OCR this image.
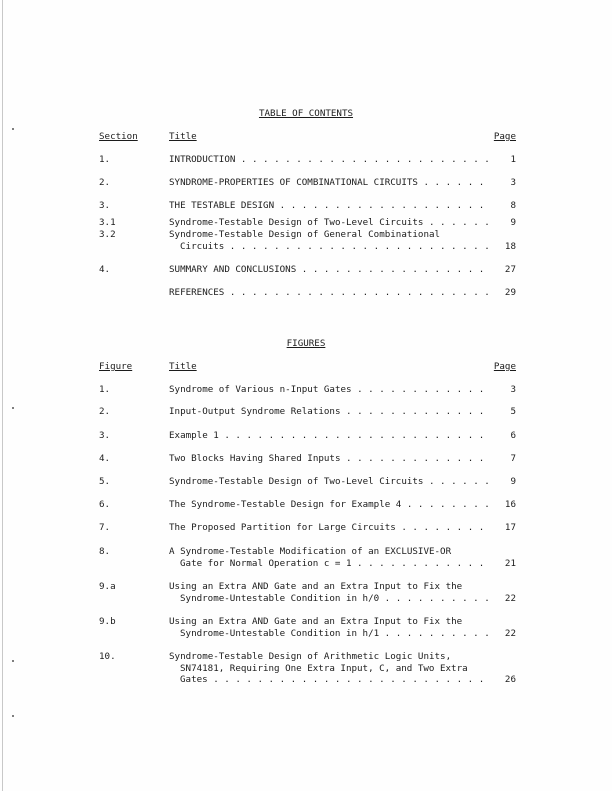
TABLE OF CONTENTS
Section	Title	Page
1.	INTRODUCTION . . .	1
2.	SYNDROME-PROPERTIES OF COMBINATIONAL CIRCUITS . . .	3
3.	THE TESTABLE DESIGN . . .	8
3.1	Syndrome-Testable Design of Two-Level Circuits . . .	9
3.2	Syndrome-Testable Design of General Combinational
Circuits . . .	18
4.	SUMMARY AND CONCLUSIONS . . .	27
REFERENCES . . .	29
FIGURES
Figure	Title	Page
1.	Syndrome of Various n-Input Gates . . .	3
2.	Input-Output Syndrome Relations . . .	5
3.	Example 1 . . .	6
4.	Two Blocks Having Shared Inputs . . .	7
5.	Syndrome-Testable Design of Two-Level Circuits . . .	9
6.	The Syndrome-Testable Design for Example 4 . . .	16
7.	The Proposed Partition for Large Circuits . . .	17
8.	A Syndrome-Testable Modification of an EXCLUSIVE-OR
Gate for Normal Operation c = 1 . . .	21
9.a	Using an Extra AND Gate and an Extra Input to Fix the
Syndrome-Untestable Condition in h/0 . . .	22
9.b	Using an Extra AND Gate and an Extra Input to Fix the
Syndrome-Untestable Condition in h/1 . . .	22
10.	Syndrome-Testable Design of Arithmetic Logic Units,
SN74181, Requiring One Extra Input, C, and Two Extra
Gates . . .	26
